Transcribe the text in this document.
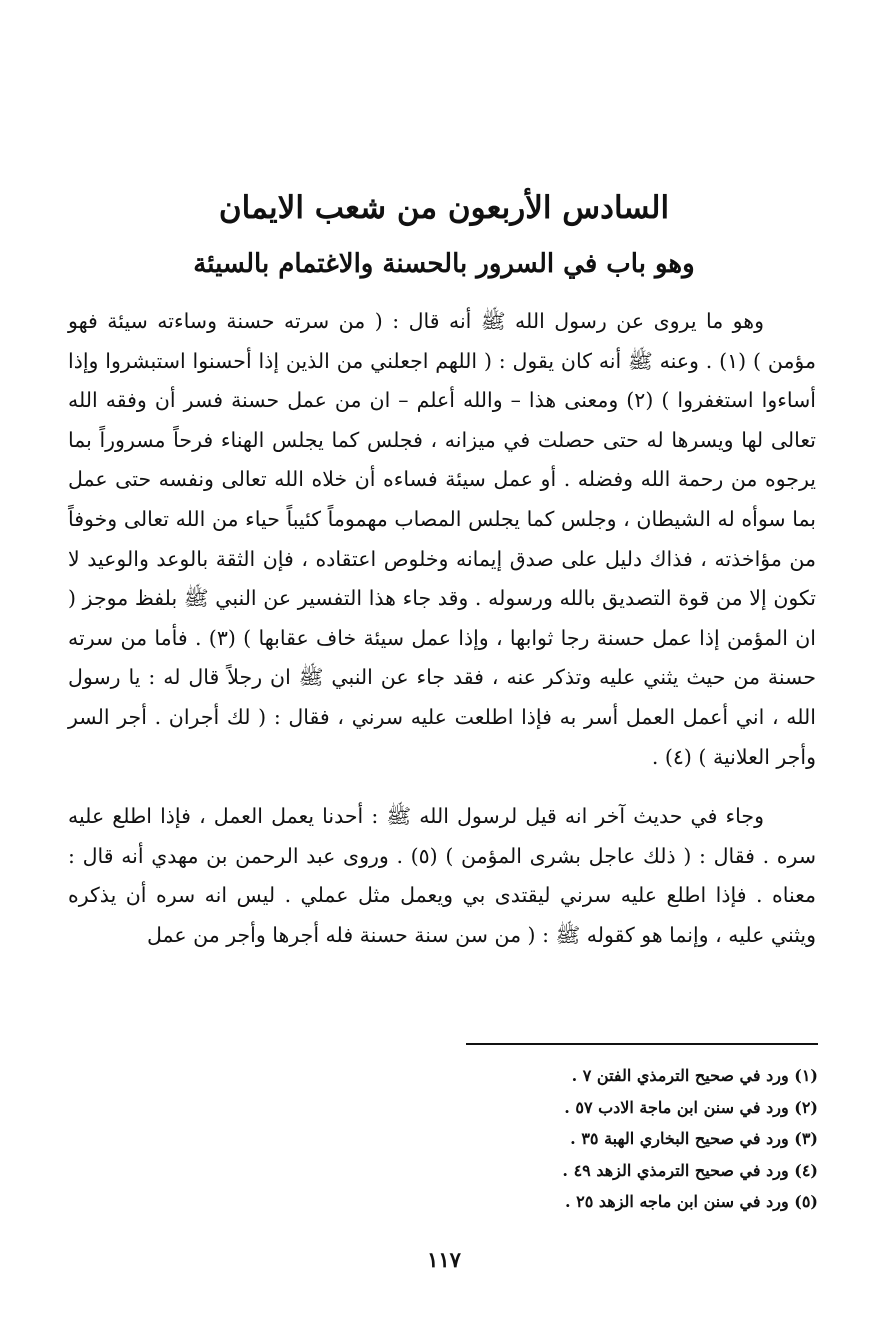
السادس الأربعون من شعب الايمان
وهو باب في السرور بالحسنة والاغتمام بالسيئة

وهو ما يروى عن رسول الله ﷺ أنه قال : ( من سرته حسنة وساءته سيئة فهو مؤمن ) (١) . وعنه ﷺ أنه كان يقول : ( اللهم اجعلني من الذين إذا أحسنوا استبشروا وإذا أساءوا استغفروا ) (٢) ومعنى هذا – والله أعلم – ان من عمل حسنة فسر أن وفقه الله تعالى لها ويسرها له حتى حصلت في ميزانه ، فجلس كما يجلس الهناء فرحاً مسروراً بما يرجوه من رحمة الله وفضله . أو عمل سيئة فساءه أن خلاه الله تعالى ونفسه حتى عمل بما سوأه له الشيطان ، وجلس كما يجلس المصاب مهموماً كئيباً حياء من الله تعالى وخوفاً من مؤاخذته ، فذاك دليل على صدق إيمانه وخلوص اعتقاده ، فإن الثقة بالوعد والوعيد لا تكون إلا من قوة التصديق بالله ورسوله . وقد جاء هذا التفسير عن النبي ﷺ بلفظ موجز ( ان المؤمن إذا عمل حسنة رجا ثوابها ، وإذا عمل سيئة خاف عقابها ) (٣) . فأما من سرته حسنة من حيث يثني عليه وتذكر عنه ، فقد جاء عن النبي ﷺ ان رجلاً قال له : يا رسول الله ، اني أعمل العمل أسر به فإذا اطلعت عليه سرني ، فقال : ( لك أجران . أجر السر وأجر العلانية ) (٤) .

وجاء في حديث آخر انه قيل لرسول الله ﷺ : أحدنا يعمل العمل ، فإذا اطلع عليه سره . فقال : ( ذلك عاجل بشرى المؤمن ) (٥) . وروى عبد الرحمن بن مهدي أنه قال : معناه . فإذا اطلع عليه سرني ليقتدى بي ويعمل مثل عملي . ليس انه سره أن يذكره ويثني عليه ، وإنما هو كقوله ﷺ : ( من سن سنة حسنة فله أجرها وأجر من عمل

(١) ورد في صحيح الترمذي الفتن ٧ .
(٢) ورد في سنن ابن ماجة الادب ٥٧ .
(٣) ورد في صحيح البخاري الهبة ٣٥ .
(٤) ورد في صحيح الترمذي الزهد ٤٩ .
(٥) ورد في سنن ابن ماجه الزهد ٢٥ .
١١٧
